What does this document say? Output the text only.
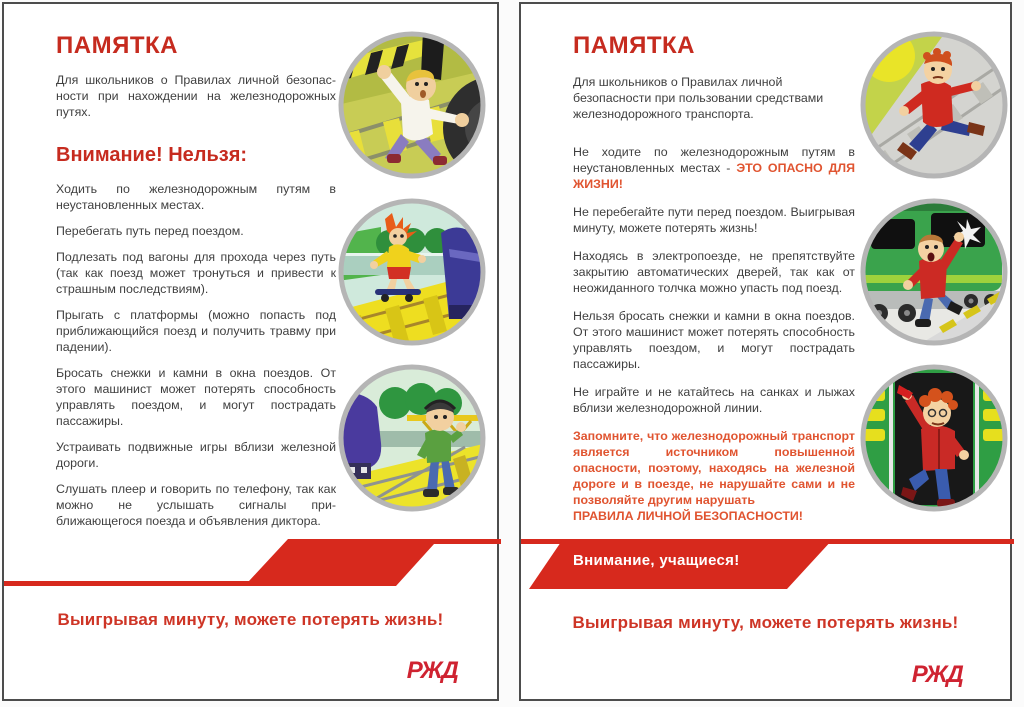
ПАМЯТКА

Для школьников о Правилах личной безопас-ности при нахождении на железнодорожных путях.

Внимание! Нельзя:

Ходить по железнодорожным путям в неустановленных местах.

Перебегать путь перед поездом.

Подлезать под вагоны для прохода через путь (так как поезд может тронуться и привести к страшным последствиям).

Прыгать с платформы (можно попасть под приближающийся поезд и получить травму при падении).

Бросать снежки и камни в окна поездов. От этого машинист может потерять способность управлять поездом, и могут пострадать пассажиры.

Устраивать подвижные игры вблизи железной дороги.

Слушать плеер и говорить по телефону, так как можно не услышать сигналы при-ближающегося поезда и объявления диктора.

Выигрывая минуту, можете потерять жизнь!
РЖД
ПАМЯТКА

Для школьников о Правилах личной безопасности при пользовании средствами железнодорожного транспорта.

Не ходите по железнодорожным путям в неустановленных местах - ЭТО ОПАСНО ДЛЯ ЖИЗНИ!

Не перебегайте пути перед поездом. Выигрывая минуту, можете потерять жизнь!

Находясь в электропоезде, не препятствуйте закрытию автоматических дверей, так как от неожиданного толчка можно упасть под поезд.

Нельзя бросать снежки и камни в окна поездов. От этого машинист может потерять способность управлять поездом, и могут пострадать пассажиры.

Не играйте и не катайтесь на санках и лыжах вблизи железнодорожной линии.

Запомните, что железнодорожный транспорт является источником повышенной опасности, поэтому, находясь на железной дороге и в поезде, не нарушайте сами и не позволяйте другим нарушать

ПРАВИЛА ЛИЧНОЙ БЕЗОПАСНОСТИ!

Внимание, учащиеся!
Выигрывая минуту, можете потерять жизнь!
РЖД
